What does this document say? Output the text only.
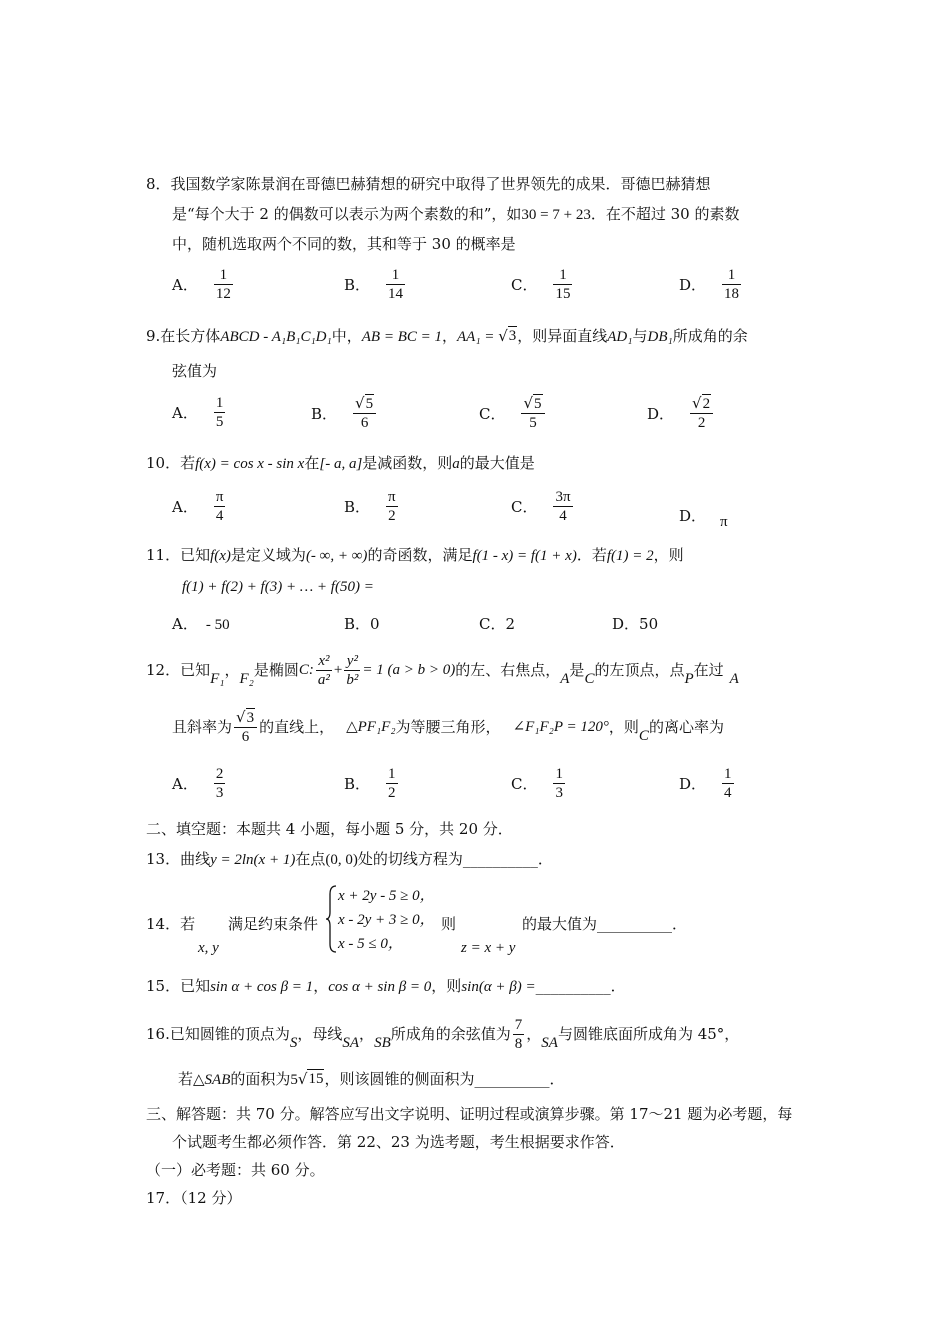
8．我国数学家陈景润在哥德巴赫猜想的研究中取得了世界领先的成果．哥德巴赫猜想
是“每个大于 2 的偶数可以表示为两个素数的和”，如30 = 7 + 23．在不超过 30 的素数
中，随机选取两个不同的数，其和等于 30 的概率是
A． $\frac{1}{12}$	B． $\frac{1}{14}$	C． $\frac{1}{15}$	D． $\frac{1}{18}$
9.在长方体ABCD - A₁B₁C₁D₁中，AB = BC = 1，AA₁ = √ 3 ，则异面直线AD₁与DB₁所成角的余
弦值为
A． $\frac{1}{5}$	B． $\frac{√ 5}{6}$	C． $\frac{√ 5}{5}$	D． $\frac{√ 2}{2}$
10．若f(x) = cos x - sin x在[- a, a]是减函数，则a的最大值是
A． $\frac{\pi}{4}$	B． $\frac{\pi}{2}$	C． $\frac{3\pi}{4}$	D． π
11．已知f(x)是定义域为(- ∞, + ∞)的奇函数，满足f(1 - x) = f(1 + x)．若f(1) = 2，则
f(1) + f(2) + f(3) + … + f(50) =
A． - 50	B．0	C．2	D．50
12．已知 F₁ ， F₂ 是椭圆 C: $\frac{\text{x²}}{\text{a²}} + \frac{\text{y²}}{\text{b²}} = 1$ (a > b > 0) 的左、右焦点， A 是 C 的左顶点，点 P 在过 A
且斜率为 $\frac{√ 3}{6}$ 的直线上， △PF₁F₂ 为等腰三角形， ∠F₁F₂P = 120° ，则 C 的离心率为
A． $\frac{2}{3}$	B． $\frac{1}{2}$	C． $\frac{1}{3}$	D． $\frac{1}{4}$
二、填空题：本题共 4 小题，每小题 5 分，共 20 分．
13．曲线y = 2ln(x + 1)在点(0, 0)处的切线方程为__________．
14．若
x, y
满足约束条件
x + 2y - 5 ≥ 0，
x - 2y + 3 ≥ 0，
x - 5 ≤ 0，
则
z = x + y
的最大值为__________．
15．已知sin α + cos β = 1，cos α + sin β = 0，则sin(α + β) =__________．
16.已知圆锥的顶点为 S ，母线 SA ， SB 所成角的余弦值为 $\frac{7}{8}$ ， SA 与圆锥底面所成角为 45°，
若△SAB的面积为5 √ 15 ，则该圆锥的侧面积为__________．
三、解答题：共 70 分。解答应写出文字说明、证明过程或演算步骤。第 17～21 题为必考题，每
个试题考生都必须作答．第 22、23 为选考题，考生根据要求作答．
（一）必考题：共 60 分。
17．（12 分）
